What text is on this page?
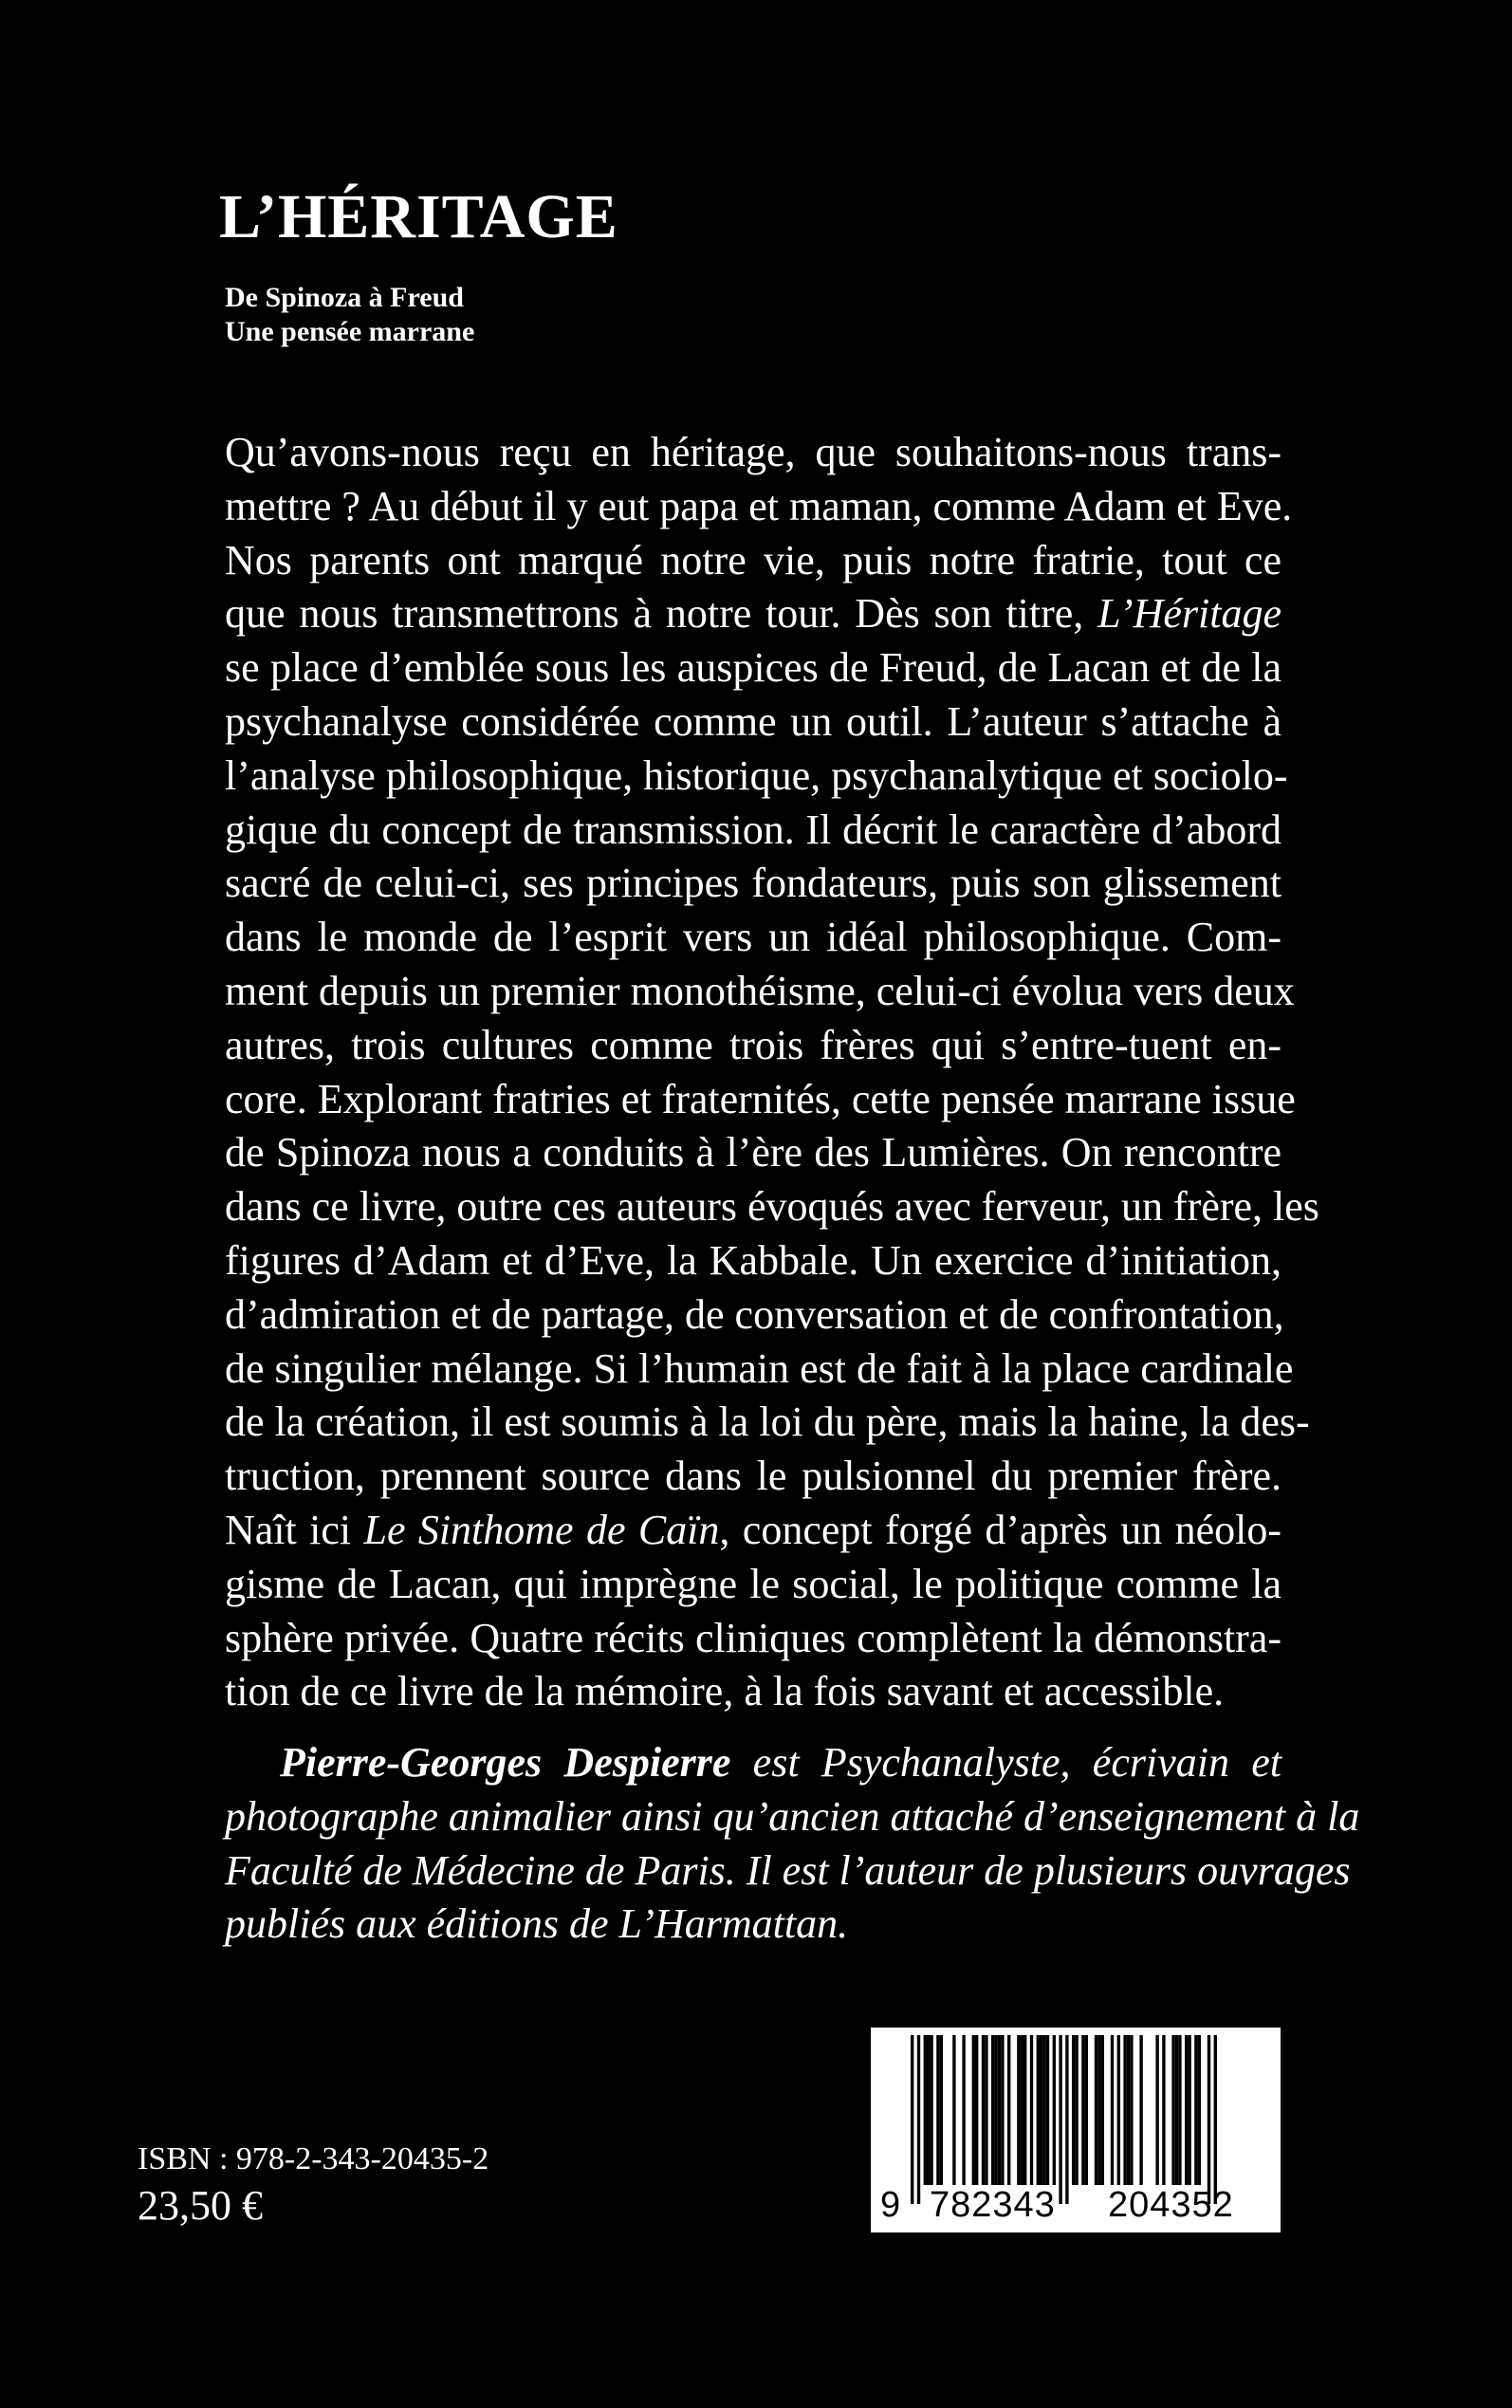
L’HÉRITAGE
De Spinoza à Freud
Une pensée marrane
Qu’avons-nous reçu en héritage, que souhaitons-nous trans-
mettre ? Au début il y eut papa et maman, comme Adam et Eve.
Nos parents ont marqué notre vie, puis notre fratrie, tout ce
que nous transmettrons à notre tour. Dès son titre, L’Héritage
se place d’emblée sous les auspices de Freud, de Lacan et de la
psychanalyse considérée comme un outil. L’auteur s’attache à
l’analyse philosophique, historique, psychanalytique et sociolo-
gique du concept de transmission. Il décrit le caractère d’abord
sacré de celui-ci, ses principes fondateurs, puis son glissement
dans le monde de l’esprit vers un idéal philosophique. Com-
ment depuis un premier monothéisme, celui-ci évolua vers deux
autres, trois cultures comme trois frères qui s’entre-tuent en-
core. Explorant fratries et fraternités, cette pensée marrane issue
de Spinoza nous a conduits à l’ère des Lumières. On rencontre
dans ce livre, outre ces auteurs évoqués avec ferveur, un frère, les
figures d’Adam et d’Eve, la Kabbale. Un exercice d’initiation,
d’admiration et de partage, de conversation et de confrontation,
de singulier mélange. Si l’humain est de fait à la place cardinale
de la création, il est soumis à la loi du père, mais la haine, la des-
truction, prennent source dans le pulsionnel du premier frère.
Naît ici Le Sinthome de Caïn, concept forgé d’après un néolo-
gisme de Lacan, qui imprègne le social, le politique comme la
sphère privée. Quatre récits cliniques complètent la démonstra-
tion de ce livre de la mémoire, à la fois savant et accessible.
Pierre-Georges Despierre est Psychanalyste, écrivain et
photographe animalier ainsi qu’ancien attaché d’enseignement à la
Faculté de Médecine de Paris. Il est l’auteur de plusieurs ouvrages
publiés aux éditions de L’Harmattan.
9 782343 204352
ISBN : 978-2-343-20435-2
23,50 €
